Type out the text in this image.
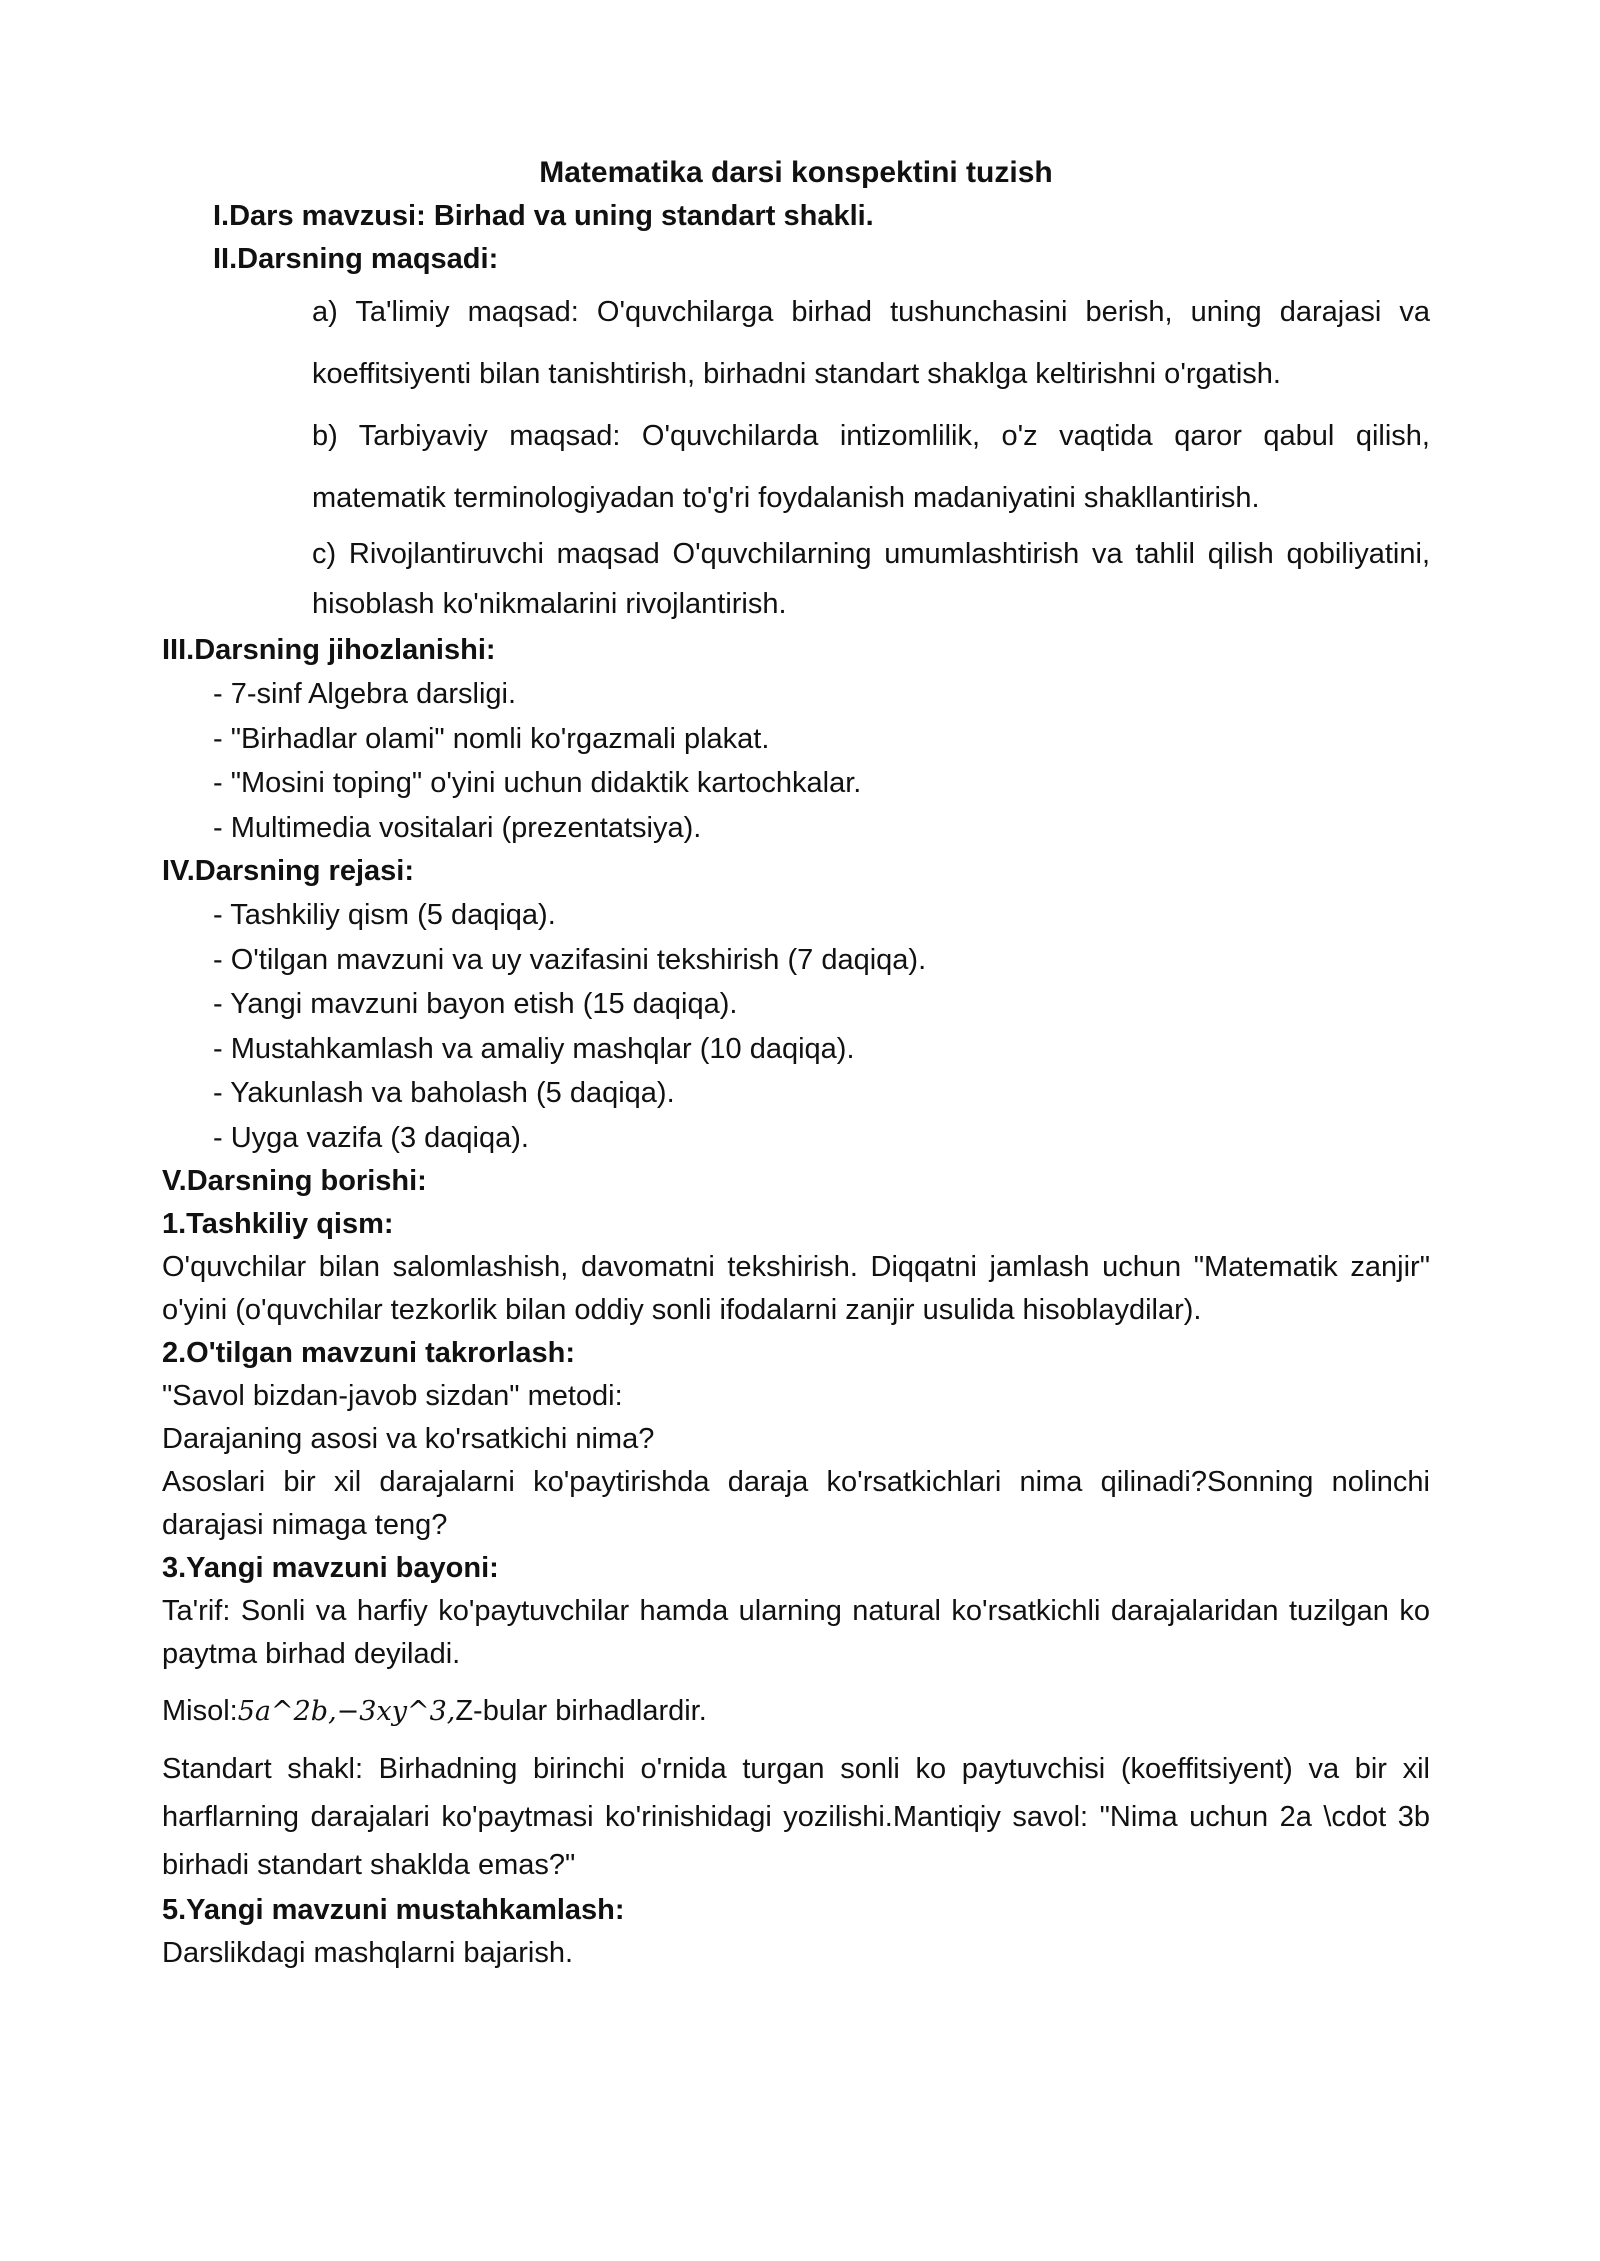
Matematika darsi konspektini tuzish

I.Dars mavzusi: Birhad va uning standart shakli.

II.Darsning maqsadi:

a) Ta'limiy maqsad: O'quvchilarga birhad tushunchasini berish, uning darajasi va koeffitsiyenti bilan tanishtirish, birhadni standart shaklga keltirishni o'rgatish.

b) Tarbiyaviy maqsad: O'quvchilarda intizomlilik, o'z vaqtida qaror qabul qilish, matematik terminologiyadan to'g'ri foydalanish madaniyatini shakllantirish.

c) Rivojlantiruvchi maqsad O'quvchilarning umumlashtirish va tahlil qilish qobiliyatini, hisoblash ko'nikmalarini rivojlantirish.

III.Darsning jihozlanishi:

- 7-sinf Algebra darsligi.

- "Birhadlar olami" nomli ko'rgazmali plakat.

- "Mosini toping" o'yini uchun didaktik kartochkalar.

- Multimedia vositalari (prezentatsiya).

IV.Darsning rejasi:

- Tashkiliy qism (5 daqiqa).

- O'tilgan mavzuni va uy vazifasini tekshirish (7 daqiqa).

- Yangi mavzuni bayon etish (15 daqiqa).

- Mustahkamlash va amaliy mashqlar (10 daqiqa).

- Yakunlash va baholash (5 daqiqa).

- Uyga vazifa (3 daqiqa).

V.Darsning borishi:

1.Tashkiliy qism:

O'quvchilar bilan salomlashish, davomatni tekshirish. Diqqatni jamlash uchun "Matematik zanjir" o'yini (o'quvchilar tezkorlik bilan oddiy sonli ifodalarni zanjir usulida hisoblaydilar).

2.O'tilgan mavzuni takrorlash:

"Savol bizdan-javob sizdan" metodi:

Darajaning asosi va ko'rsatkichi nima?

Asoslari bir xil darajalarni ko'paytirishda daraja ko'rsatkichlari nima qilinadi?Sonning nolinchi darajasi nimaga teng?

3.Yangi mavzuni bayoni:

Ta'rif: Sonli va harfiy ko'paytuvchilar hamda ularning natural ko'rsatkichli darajalaridan tuzilgan ko paytma birhad deyiladi.

Misol:5a^2b,−3xy^3,Z-bular birhadlardir.

Standart shakl: Birhadning birinchi o'rnida turgan sonli ko paytuvchisi (koeffitsiyent) va bir xil harflarning darajalari ko'paytmasi ko'rinishidagi yozilishi.Mantiqiy savol: "Nima uchun 2a \cdot 3b birhadi standart shaklda emas?"

5.Yangi mavzuni mustahkamlash:

Darslikdagi mashqlarni bajarish.
